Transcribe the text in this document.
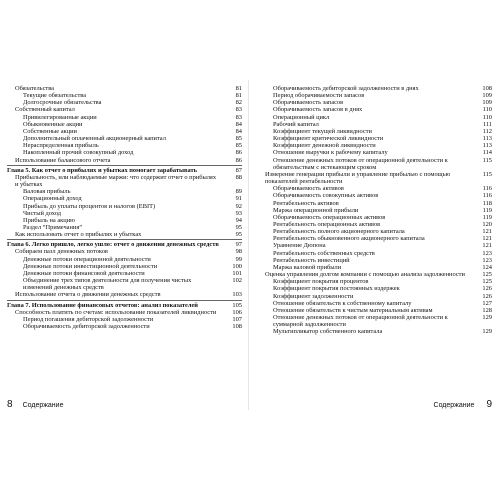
Обязательства	81
Текущие обязательства	81
Долгосрочные обязательства	82
Собственный капитал	83
Привилегированные акции	83
Обыкновенные акции	84
Собственные акции	84
Дополнительный оплаченный акционерный капитал	85
Нераспределенная прибыль	85
Накопленный прочий совокупный доход	86
Использование балансового отчета	86
Глава 5. Как отчет о прибылях и убытках помогает зарабатывать	87
Прибыльность, или наблюдаемые маржи: что содержит отчет о прибылях и убытках
88
Валовая прибыль	89
Операционный доход	91
Прибыль до уплаты процентов и налогов (EBIT)	92
Чистый доход	93
Прибыль на акцию	94
Раздел “Примечания”	95
Как использовать отчет о прибылях и убытках	95
Глава 6. Легко пришло, легко ушло: отчет о движении денежных средств	97
Собираем пазл денежных потоков	98
Денежные потоки операционной деятельности	99
Денежные потоки инвестиционной деятельности	100
Денежные потоки финансовой деятельности	101
Объединение трех типов деятельности для получения чистых изменений денежных средств
102
Использование отчета о движении денежных средств	103
Глава 7. Использование финансовых отчетов: анализ показателей	105
Способность платить по счетам: использование показателей ликвидности	106
Период погашения дебиторской задолженности	107
Оборачиваемость дебиторской задолженности	108
8 Содержание
Оборачиваемость дебиторской задолженности в днях	108
Период оборачиваемости запасов	109
Оборачиваемость запасов	109
Оборачиваемость запасов в днях	110
Операционный цикл	110
Рабочий капитал	111
Коэффициент текущей ликвидности	112
Коэффициент критической ликвидности	113
Коэффициент денежной ликвидности	113
Отношение выручки к рабочему капиталу	114
Отношение денежных потоков от операционной деятельности к обязательствам с истекающим сроком
115
Измерение генерации прибыли и управление прибылью с помощью показателей рентабельности
115
Оборачиваемость активов	116
Оборачиваемость совокупных активов	116
Рентабельность активов	118
Маржа операционной прибыли	119
Оборачиваемость операционных активов	119
Рентабельность операционных активов	120
Рентабельность полного акционерного капитала	121
Рентабельность обыкновенного акционерного капитала	121
Уравнение Дюпона	121
Рентабельность собственных средств	123
Рентабельность инвестиций	123
Маржа валовой прибыли	124
Оценка управления долгом компании с помощью анализа задолженности	125
Коэффициент покрытия процентов	125
Коэффициент покрытия постоянных издержек	126
Коэффициент задолженности	126
Отношение обязательств к собственному капиталу	127
Отношение обязательств к чистым материальным активам	128
Отношение денежных потоков от операционной деятельности к суммарной задолженности
129
Мультипликатор собственного капитала	129
Содержание 9
